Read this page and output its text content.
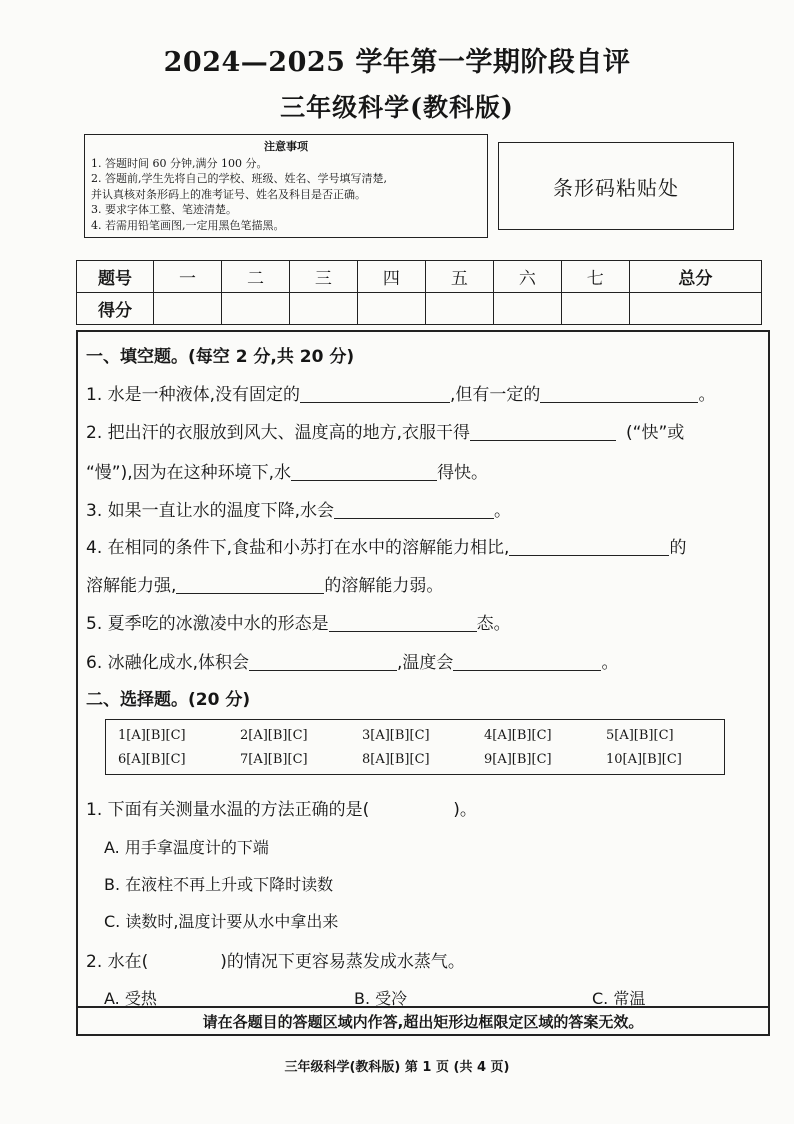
2024—2025 学年第一学期阶段自评
三年级科学(教科版)
注意事项
1. 答题时间 60 分钟,满分 100 分。
2. 答题前,学生先将自己的学校、班级、姓名、学号填写清楚,
并认真核对条形码上的准考证号、姓名及科目是否正确。
3. 要求字体工整、笔迹清楚。
4. 若需用铅笔画图,一定用黑色笔描黑。
条形码粘贴处
题号	一	二	三	四	五	六	七	总分
得分								
一、填空题。(每空 2 分,共 20 分)
1. 水是一种液体,没有固定的	,但有一定的	。
2. 把出汗的衣服放到风大、温度高的地方,衣服干得	(“快”或
“慢”),因为在这种环境下,水	得快。
3. 如果一直让水的温度下降,水会	。
4. 在相同的条件下,食盐和小苏打在水中的溶解能力相比,	的
溶解能力强,	的溶解能力弱。
5. 夏季吃的冰激凌中水的形态是	态。
6. 冰融化成水,体积会	,温度会	。
二、选择题。(20 分)
1[A][B][C]	2[A][B][C]	3[A][B][C]	4[A][B][C]	5[A][B][C]
6[A][B][C]	7[A][B][C]	8[A][B][C]	9[A][B][C]	10[A][B][C]
1. 下面有关测量水温的方法正确的是(	)。
A. 用手拿温度计的下端
B. 在液柱不再上升或下降时读数
C. 读数时,温度计要从水中拿出来
2. 水在(	)的情况下更容易蒸发成水蒸气。
A. 受热	B. 受冷	C. 常温
请在各题目的答题区域内作答,超出矩形边框限定区域的答案无效。
三年级科学(教科版) 第 1 页 (共 4 页)
